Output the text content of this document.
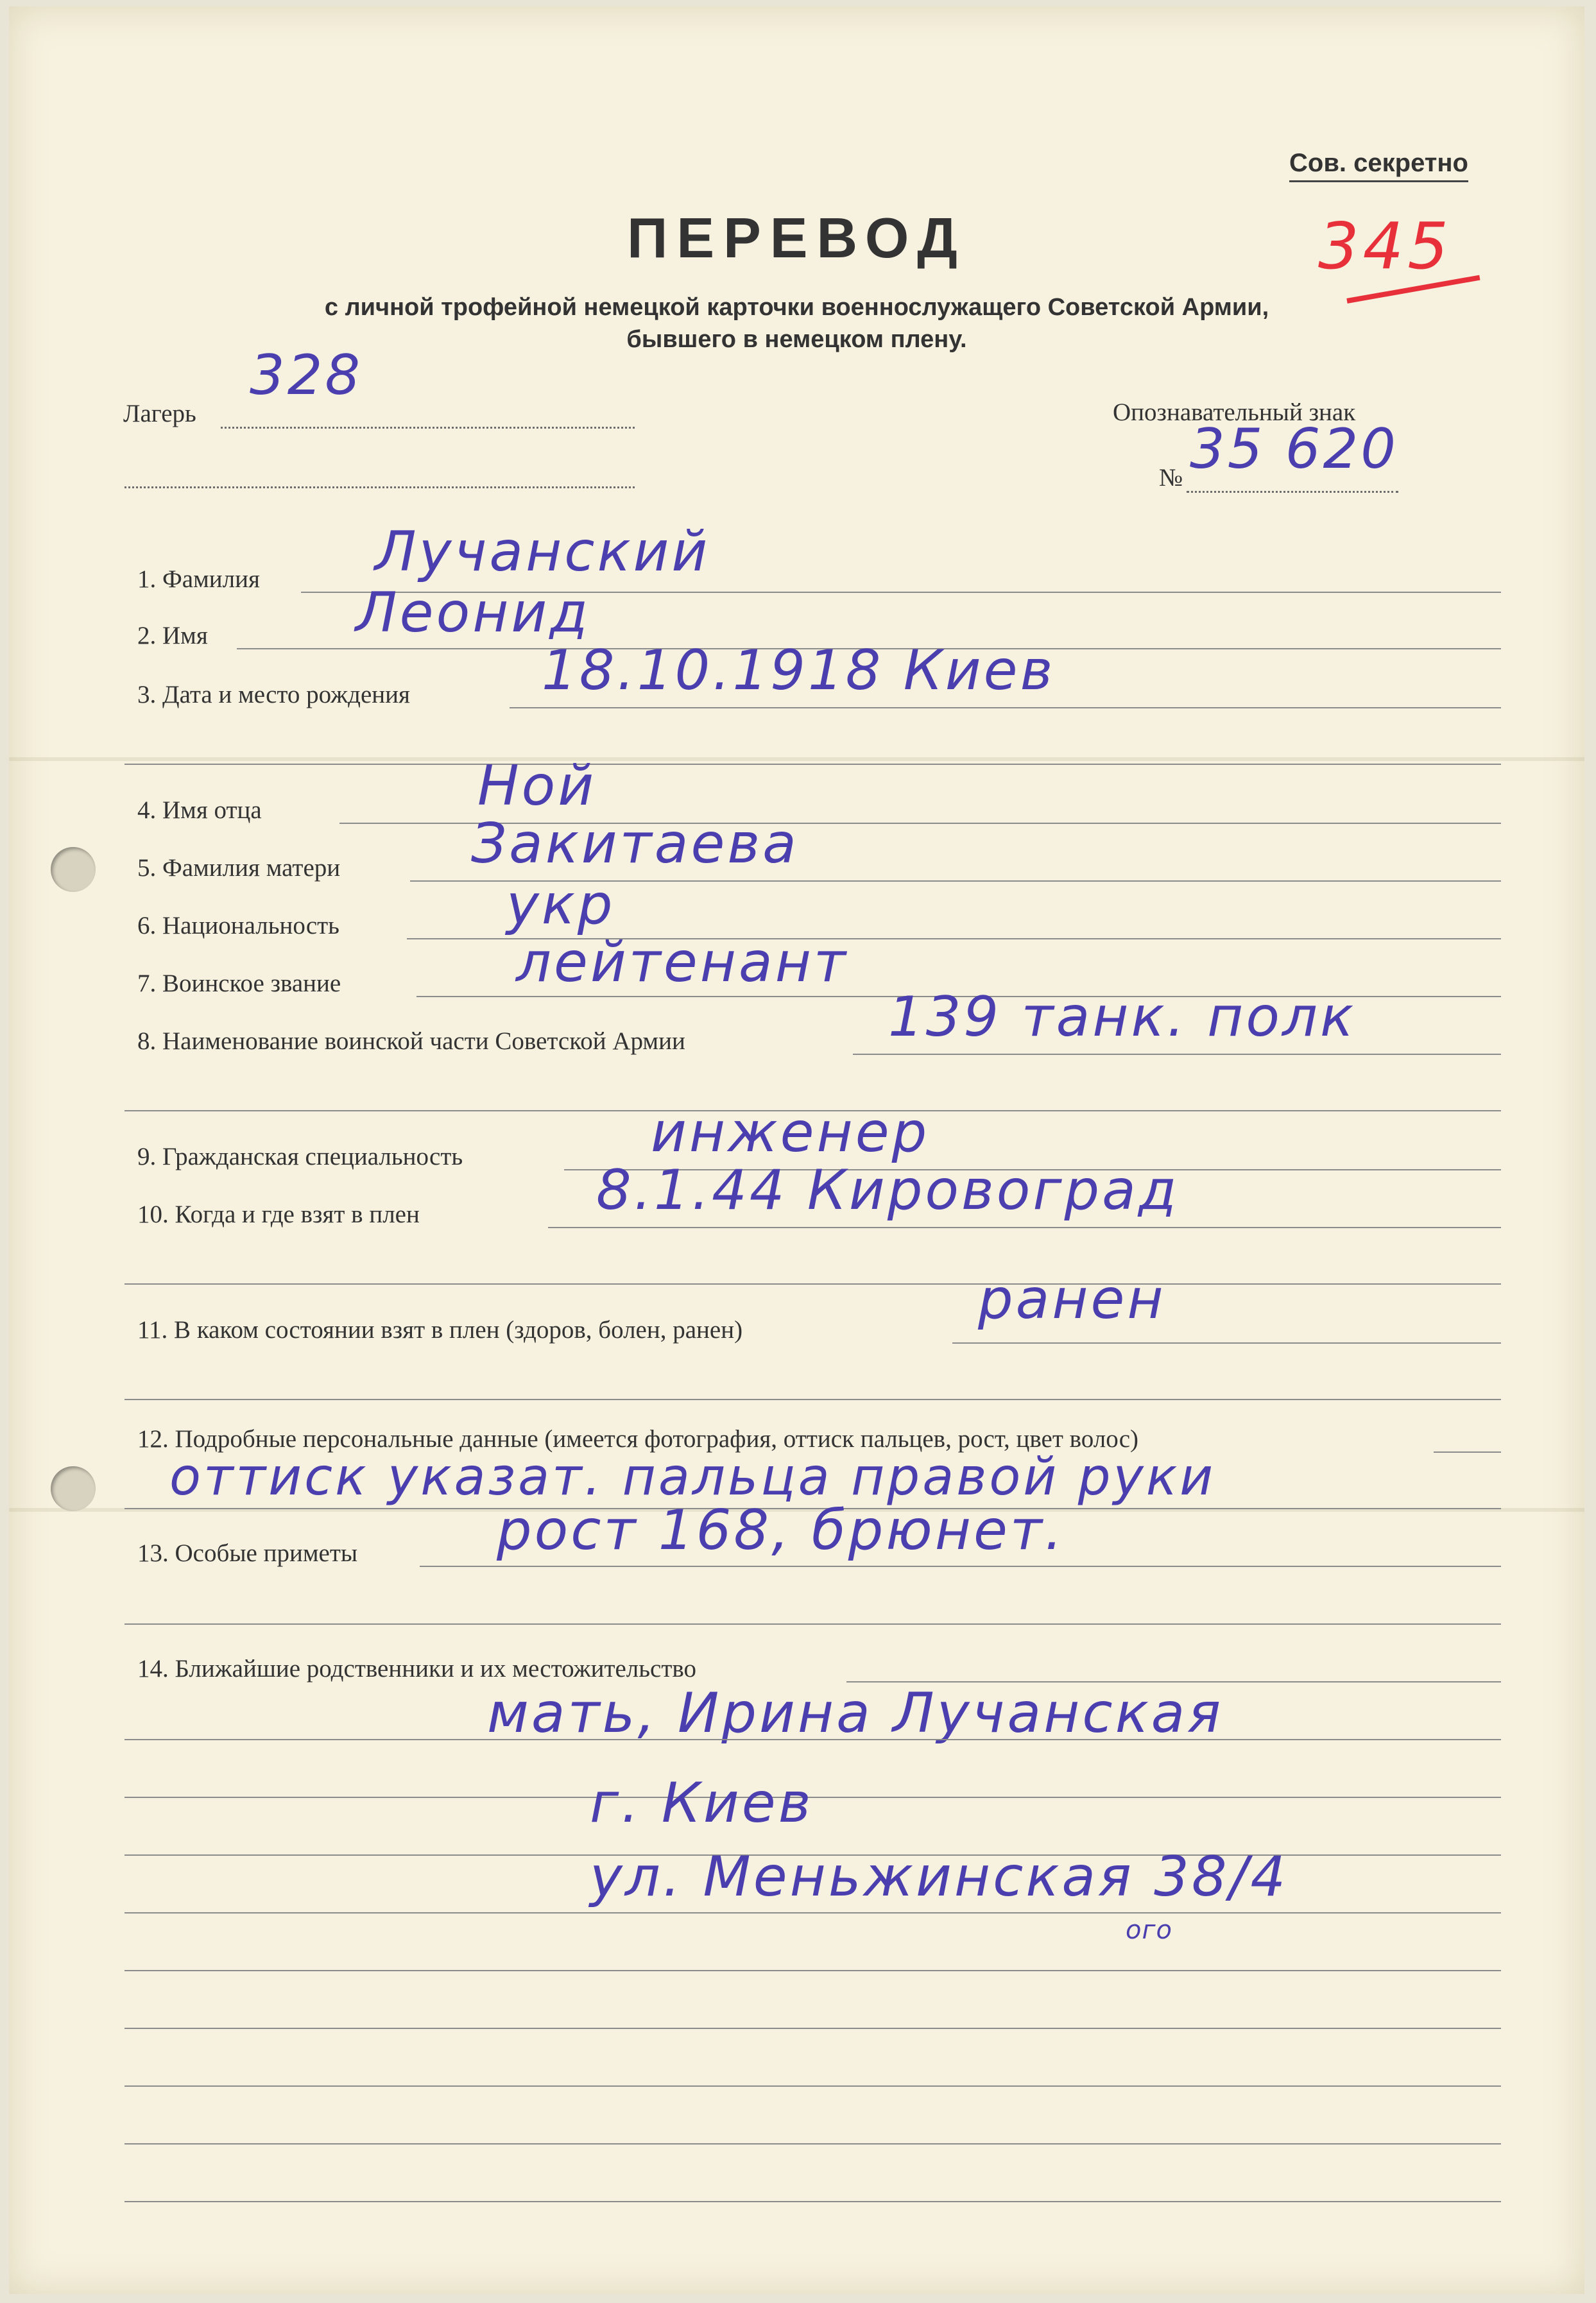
Сов. секретно
345
ПЕРЕВОД
с личной трофейной немецкой карточки военнослужащего Советской Армии,
бывшего в немецком плену.
Лагерь
328
Опознавательный знак
№ 35 620
1. Фамилия Лучанский
2. Имя	Леонид
3. Дата и место рождения 18.10.1918 Киев
4. Имя отца	Ной
5. Фамилия матери Закитаева
6. Национальность	укр
7. Воинское звание	лейтенант
8. Наименование воинской части Советской Армии	139 танк. полк
9. Гражданская специальность	инженер
10. Когда и где взят в плен	8.1.44 Кировоград
11. В каком состоянии взят в плен (здоров, болен, ранен)	ранен
12. Подробные персональные данные (имеется фотография, оттиск пальцев, рост, цвет волос)
оттиск указат. пальца правой руки
13. Особые приметы	рост 168, брюнет.
14. Ближайшие родственники и их местожительство
мать, Ирина Лучанская
г. Киев
ул. Меньжинская 38/4
ого
